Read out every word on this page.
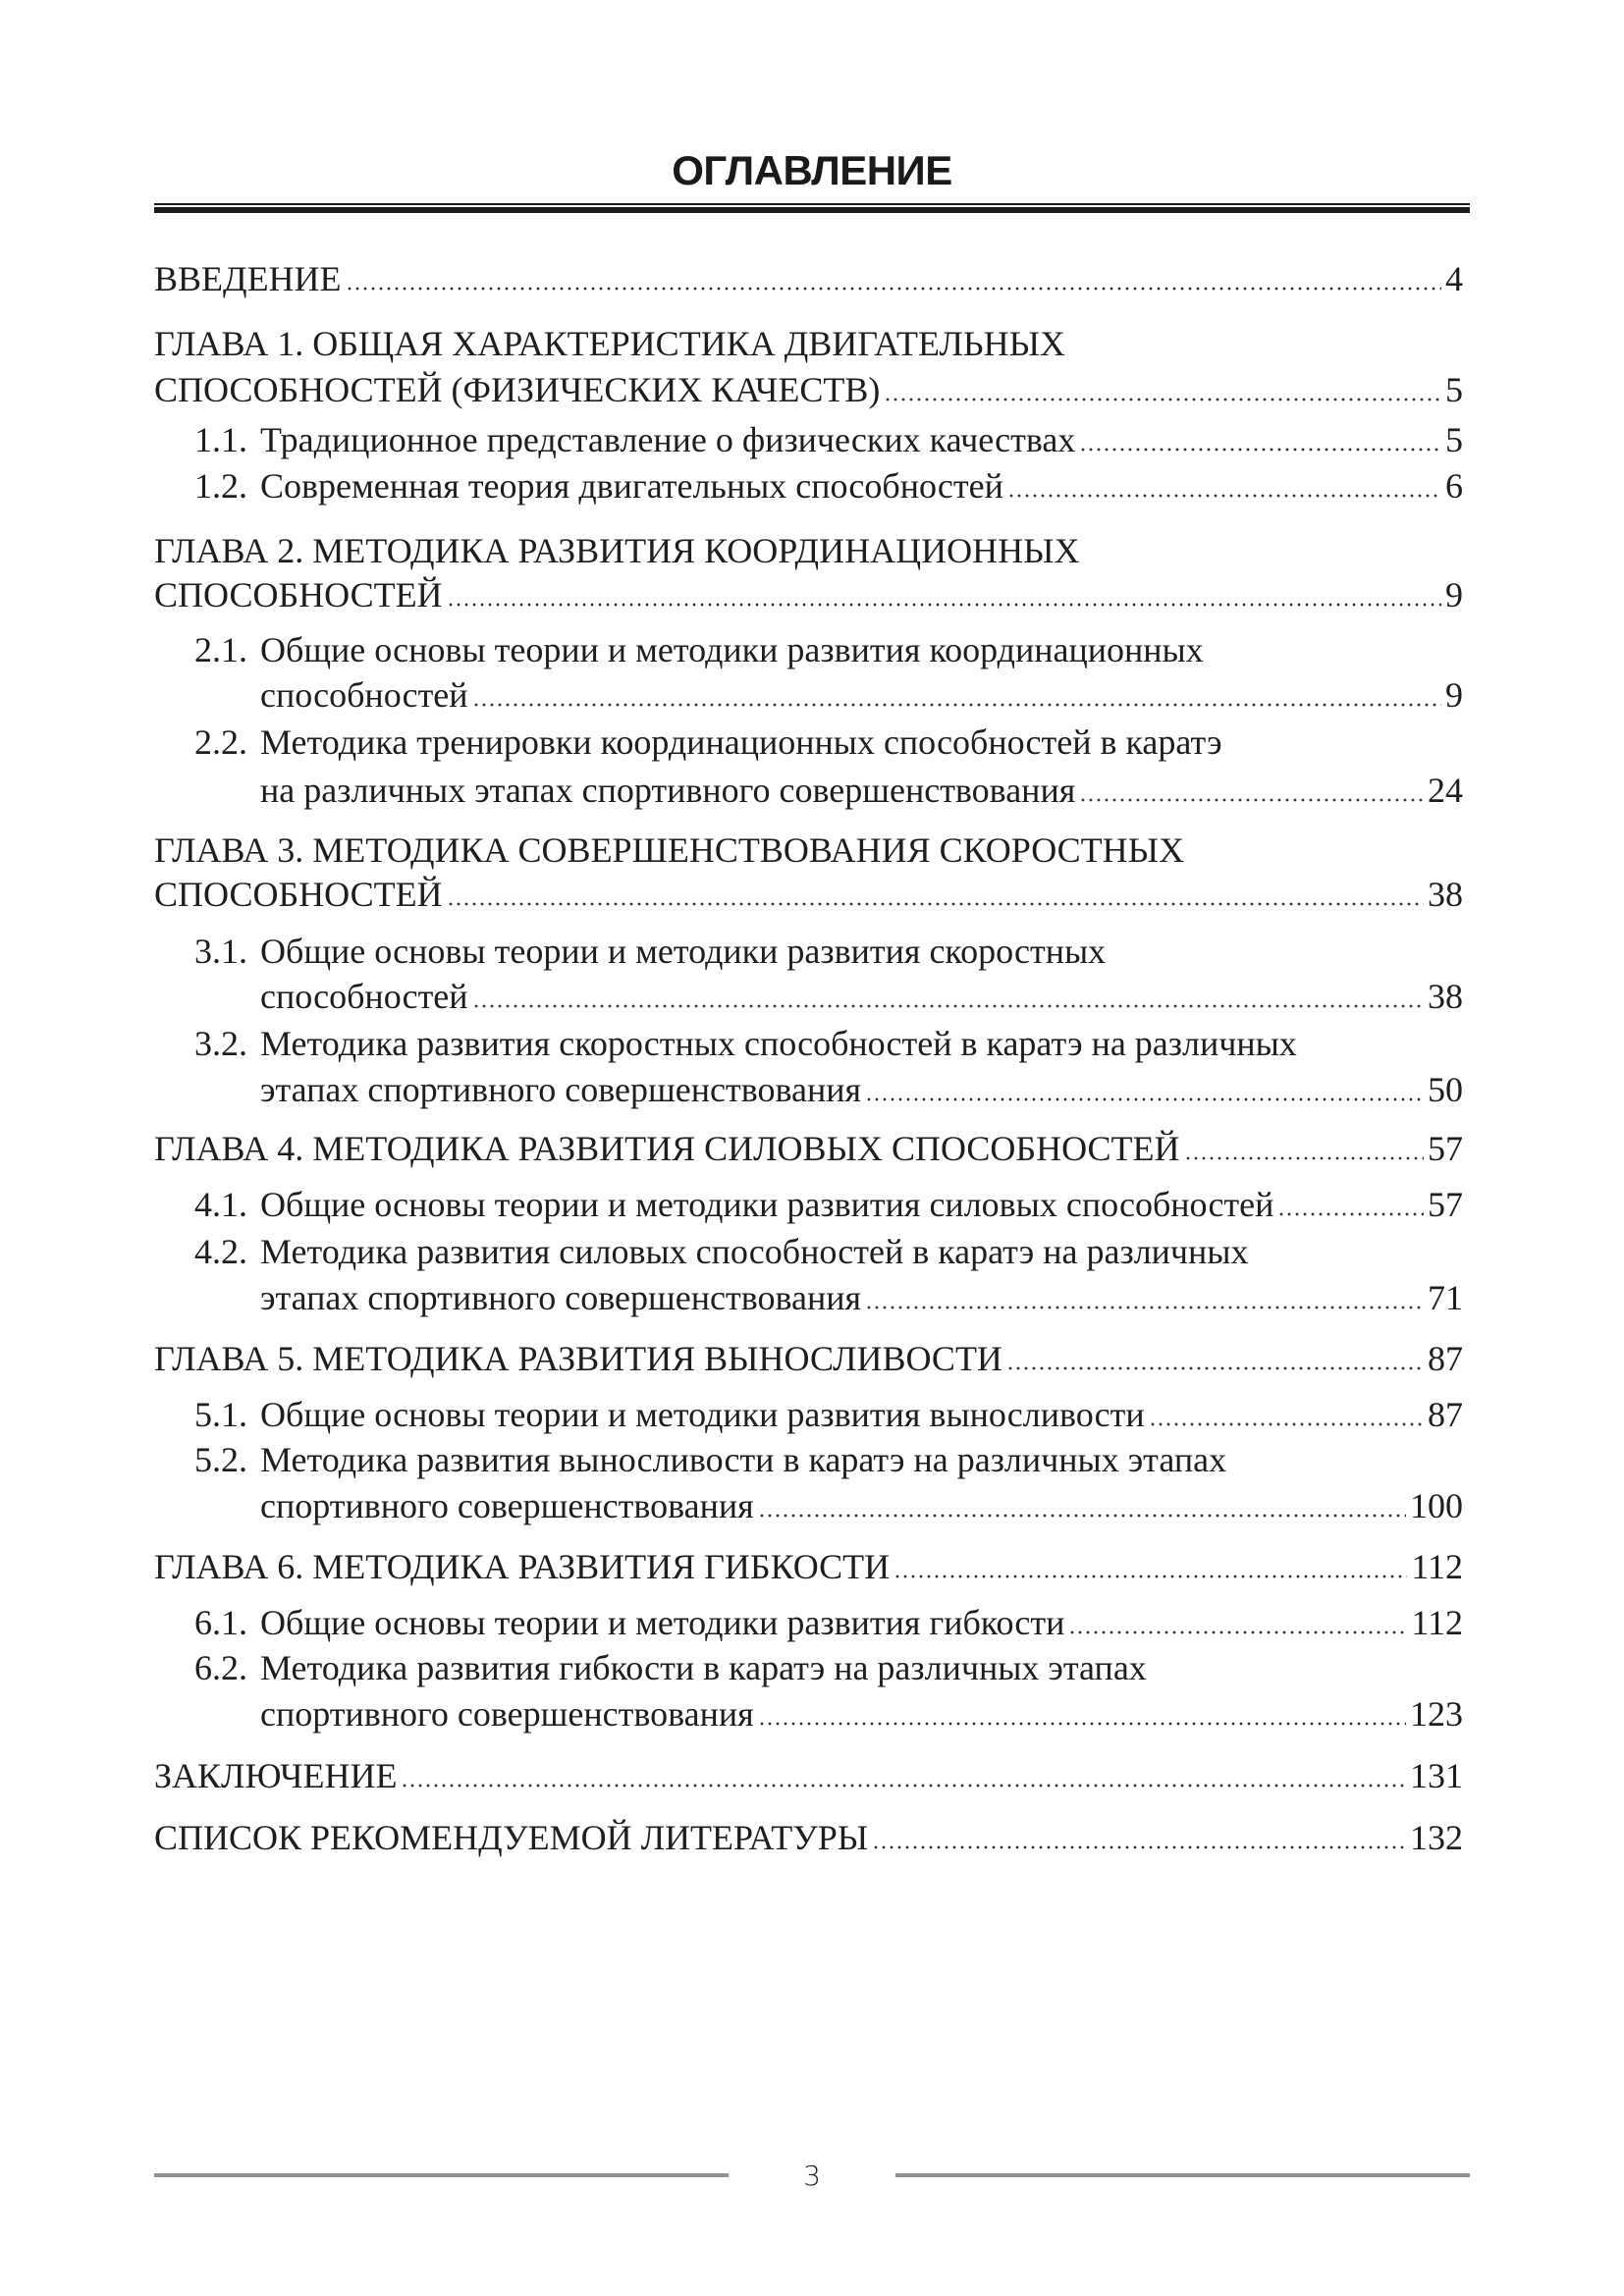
ОГЛАВЛЕНИЕ
ВВЕДЕНИЕ	4
ГЛАВА 1. ОБЩАЯ ХАРАКТЕРИСТИКА ДВИГАТЕЛЬНЫХ
СПОСОБНОСТЕЙ (ФИЗИЧЕСКИХ КАЧЕСТВ)	5
1.1. Традиционное представление о физических качествах	5
1.2. Современная теория двигательных способностей	6
ГЛАВА 2. МЕТОДИКА РАЗВИТИЯ КООРДИНАЦИОННЫХ
СПОСОБНОСТЕЙ	9
2.1. Общие основы теории и методики развития координационных
способностей	9
2.2. Методика тренировки координационных способностей в каратэ
на различных этапах спортивного совершенствования	24
ГЛАВА 3. МЕТОДИКА СОВЕРШЕНСТВОВАНИЯ СКОРОСТНЫХ
СПОСОБНОСТЕЙ	38
3.1. Общие основы теории и методики развития скоростных
способностей	38
3.2. Методика развития скоростных способностей в каратэ на различных
этапах спортивного совершенствования	50
ГЛАВА 4. МЕТОДИКА РАЗВИТИЯ СИЛОВЫХ СПОСОБНОСТЕЙ	57
4.1. Общие основы теории и методики развития силовых способностей	57
4.2. Методика развития силовых способностей в каратэ на различных
этапах спортивного совершенствования	71
ГЛАВА 5. МЕТОДИКА РАЗВИТИЯ ВЫНОСЛИВОСТИ	87
5.1. Общие основы теории и методики развития выносливости	87
5.2. Методика развития выносливости в каратэ на различных этапах
спортивного совершенствования	100
ГЛАВА 6. МЕТОДИКА РАЗВИТИЯ ГИБКОСТИ	112
6.1. Общие основы теории и методики развития гибкости	112
6.2. Методика развития гибкости в каратэ на различных этапах
спортивного совершенствования	123
ЗАКЛЮЧЕНИЕ	131
СПИСОК РЕКОМЕНДУЕМОЙ ЛИТЕРАТУРЫ	132
3
